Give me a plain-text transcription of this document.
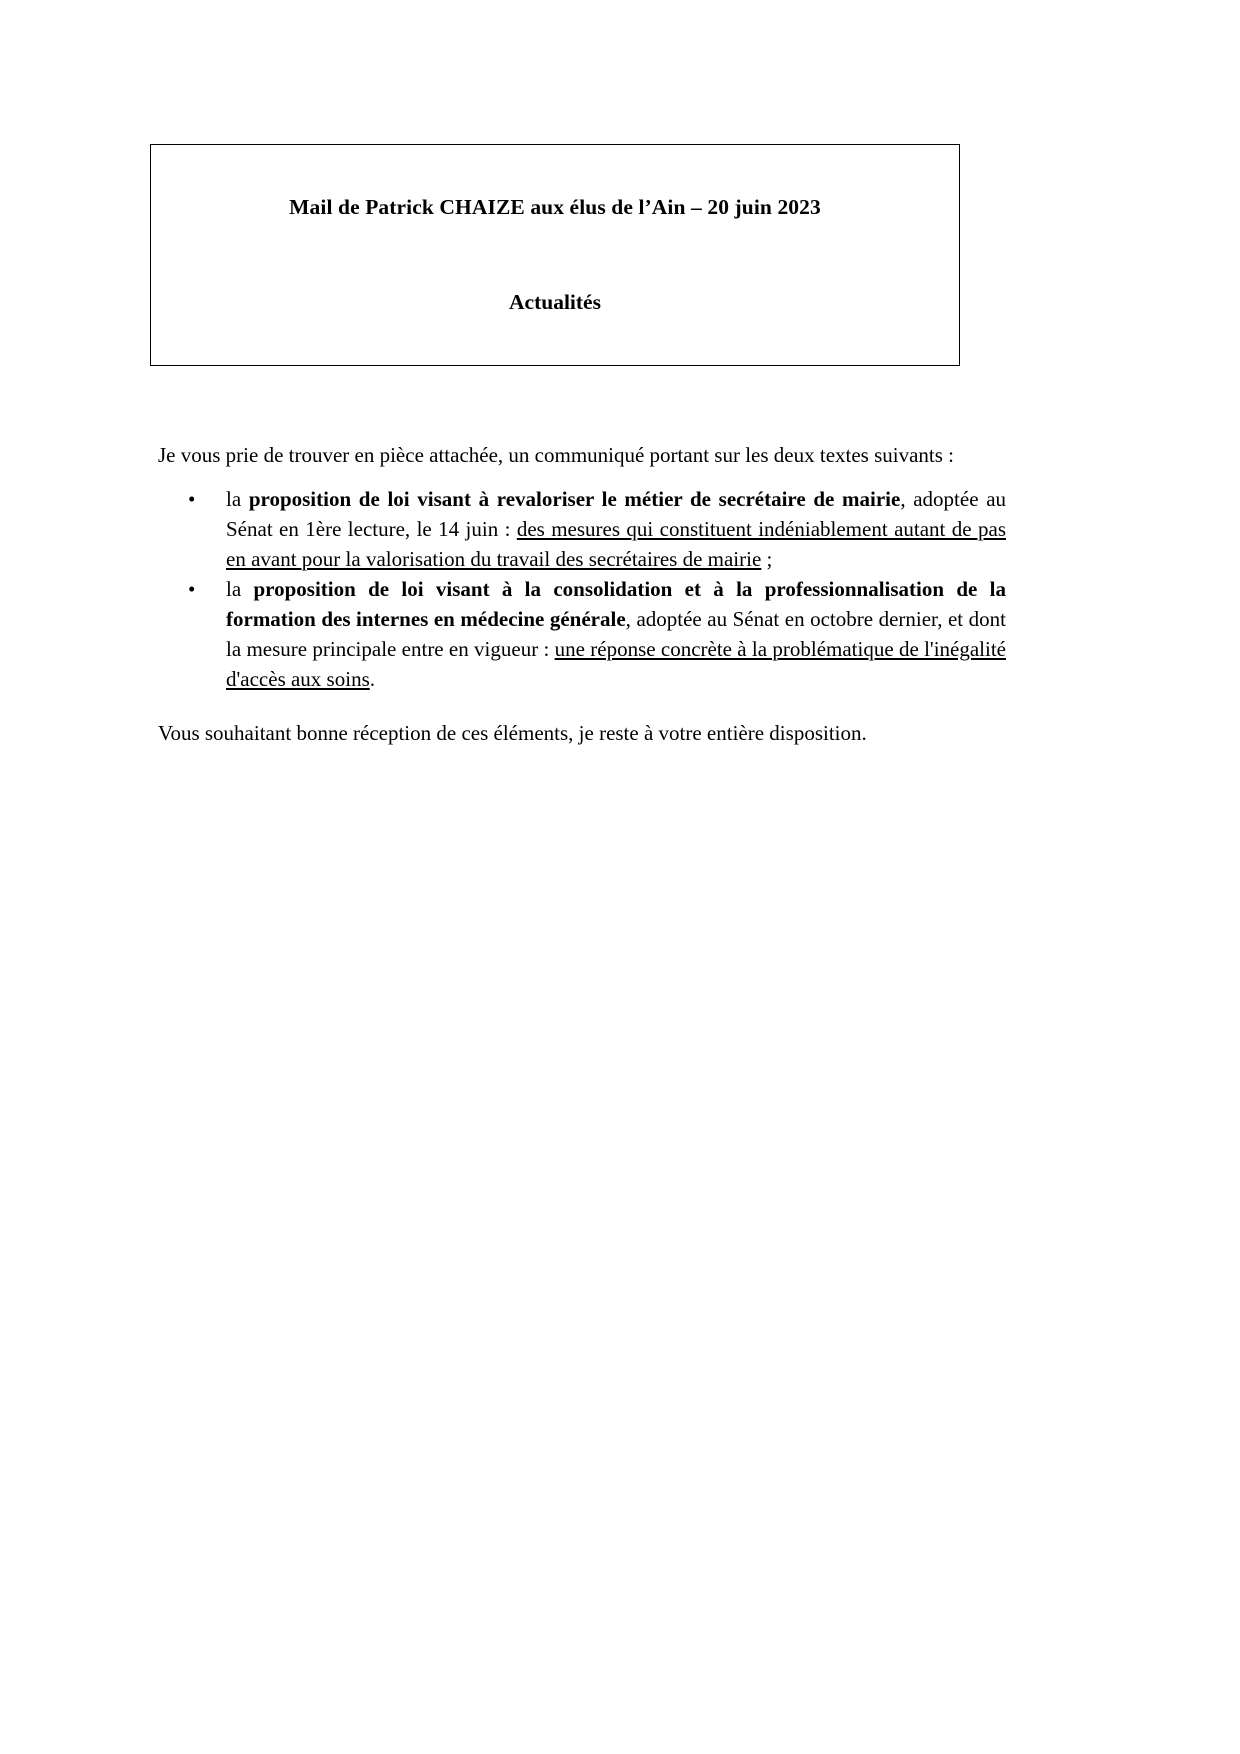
Mail de Patrick CHAIZE aux élus de l’Ain – 20 juin 2023
Actualités

Je vous prie de trouver en pièce attachée, un communiqué portant sur les deux textes suivants :

• la proposition de loi visant à revaloriser le métier de secrétaire de mairie, adoptée au Sénat en 1ère lecture, le 14 juin : des mesures qui constituent indéniablement autant de pas en avant pour la valorisation du travail des secrétaires de mairie ;
• la proposition de loi visant à la consolidation et à la professionnalisation de la formation des internes en médecine générale, adoptée au Sénat en octobre dernier, et dont la mesure principale entre en vigueur : une réponse concrète à la problématique de l'inégalité d'accès aux soins.

Vous souhaitant bonne réception de ces éléments, je reste à votre entière disposition.
